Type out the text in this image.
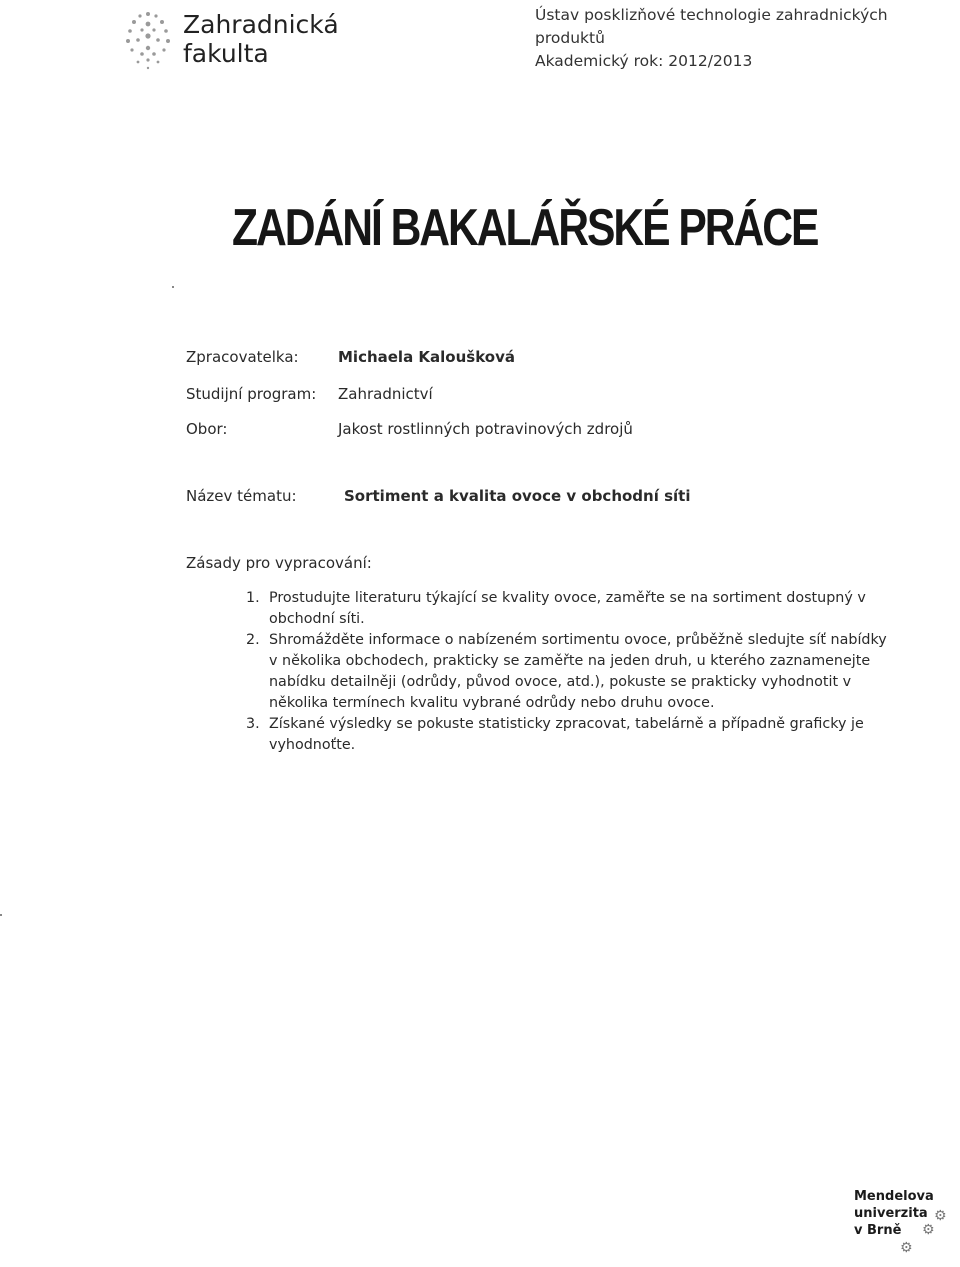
Zahradnická
fakulta
Ústav posklizňové technologie zahradnických produktů
Akademický rok: 2012/2013
ZADÁNÍ BAKALÁŘSKÉ PRÁCE
Zpracovatelka:	Michaela Kaloušková
Studijní program: Zahradnictví
Obor:	Jakost rostlinných potravinových zdrojů
Název tématu:	Sortiment a kvalita ovoce v obchodní síti
Zásady pro vypracování:
1. Prostudujte literaturu týkající se kvality ovoce, zaměřte se na sortiment dostupný v obchodní síti.
2. Shromážděte informace o nabízeném sortimentu ovoce, průběžně sledujte síť nabídky v několika obchodech, prakticky se zaměřte na jeden druh, u kterého zaznamenejte nabídku detailněji (odrůdy, původ ovoce, atd.), pokuste se prakticky vyhodnotit v několika termínech kvalitu vybrané odrůdy nebo druhu ovoce.
3. Získané výsledky se pokuste statisticky zpracovat, tabelárně a případně graficky je vyhodnoťte.
Mendelova
univerzita
v Brně
⚙
⚙
⚙
